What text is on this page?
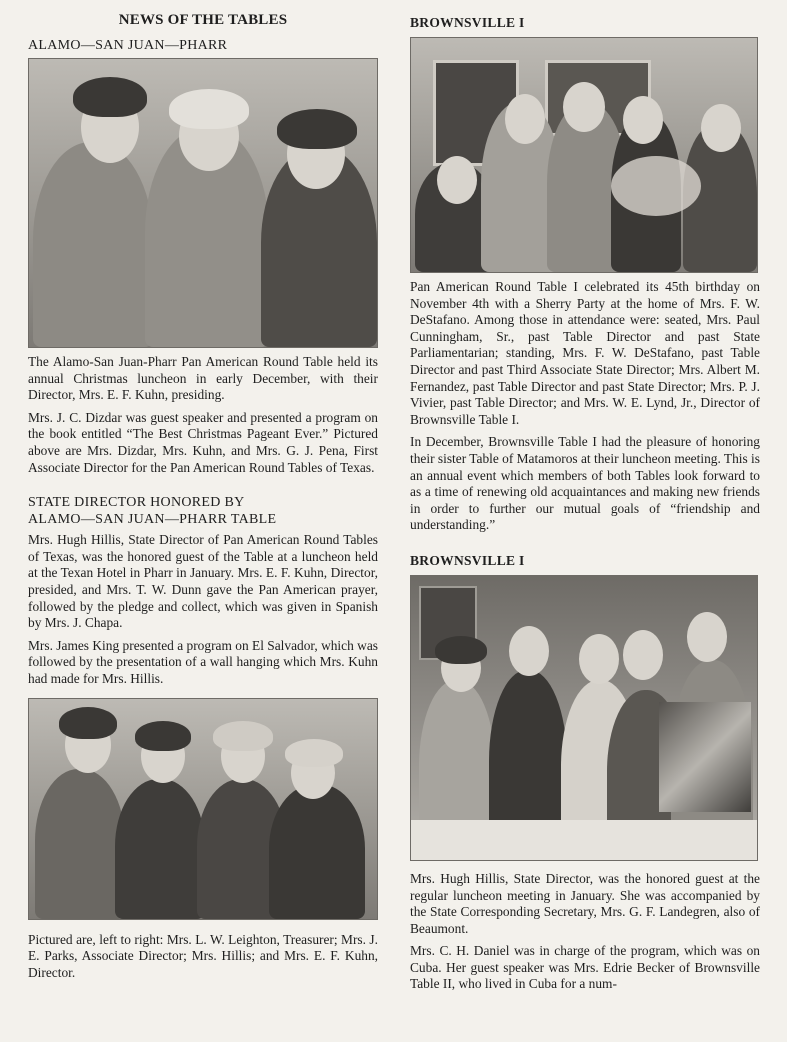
NEWS OF THE TABLES
ALAMO—SAN JUAN—PHARR

The Alamo-San Juan-Pharr Pan American Round Table held its annual Christmas luncheon in early December, with their Director, Mrs. E. F. Kuhn, presiding.

Mrs. J. C. Dizdar was guest speaker and presented a program on the book entitled “The Best Christmas Pageant Ever.” Pictured above are Mrs. Dizdar, Mrs. Kuhn, and Mrs. G. J. Pena, First Associate Director for the Pan American Round Tables of Texas.

STATE DIRECTOR HONORED BY
ALAMO—SAN JUAN—PHARR TABLE

Mrs. Hugh Hillis, State Director of Pan American Round Tables of Texas, was the honored guest of the Table at a luncheon held at the Texan Hotel in Pharr in January. Mrs. E. F. Kuhn, Director, presided, and Mrs. T. W. Dunn gave the Pan American prayer, followed by the pledge and collect, which was given in Spanish by Mrs. J. Chapa.

Mrs. James King presented a program on El Salvador, which was followed by the presentation of a wall hanging which Mrs. Kuhn had made for Mrs. Hillis.

Pictured are, left to right: Mrs. L. W. Leighton, Treasurer; Mrs. J. E. Parks, Associate Director; Mrs. Hillis; and Mrs. E. F. Kuhn, Director.

BROWNSVILLE I

Pan American Round Table I celebrated its 45th birthday on November 4th with a Sherry Party at the home of Mrs. F. W. DeStafano. Among those in attendance were: seated, Mrs. Paul Cunningham, Sr., past Table Director and past State Parliamentarian; standing, Mrs. F. W. DeStafano, past Table Director and past Third Associate State Director; Mrs. Albert M. Fernandez, past Table Director and past State Director; Mrs. P. J. Vivier, past Table Director; and Mrs. W. E. Lynd, Jr., Director of Brownsville Table I.

In December, Brownsville Table I had the pleasure of honoring their sister Table of Matamoros at their luncheon meeting. This is an annual event which members of both Tables look forward to as a time of renewing old acquaintances and making new friends in order to further our mutual goals of “friendship and understanding.”

BROWNSVILLE I

Mrs. Hugh Hillis, State Director, was the honored guest at the regular luncheon meeting in January. She was accompanied by the State Corresponding Secretary, Mrs. G. F. Landegren, also of Beaumont.

Mrs. C. H. Daniel was in charge of the program, which was on Cuba. Her guest speaker was Mrs. Edrie Becker of Brownsville Table II, who lived in Cuba for a num-
